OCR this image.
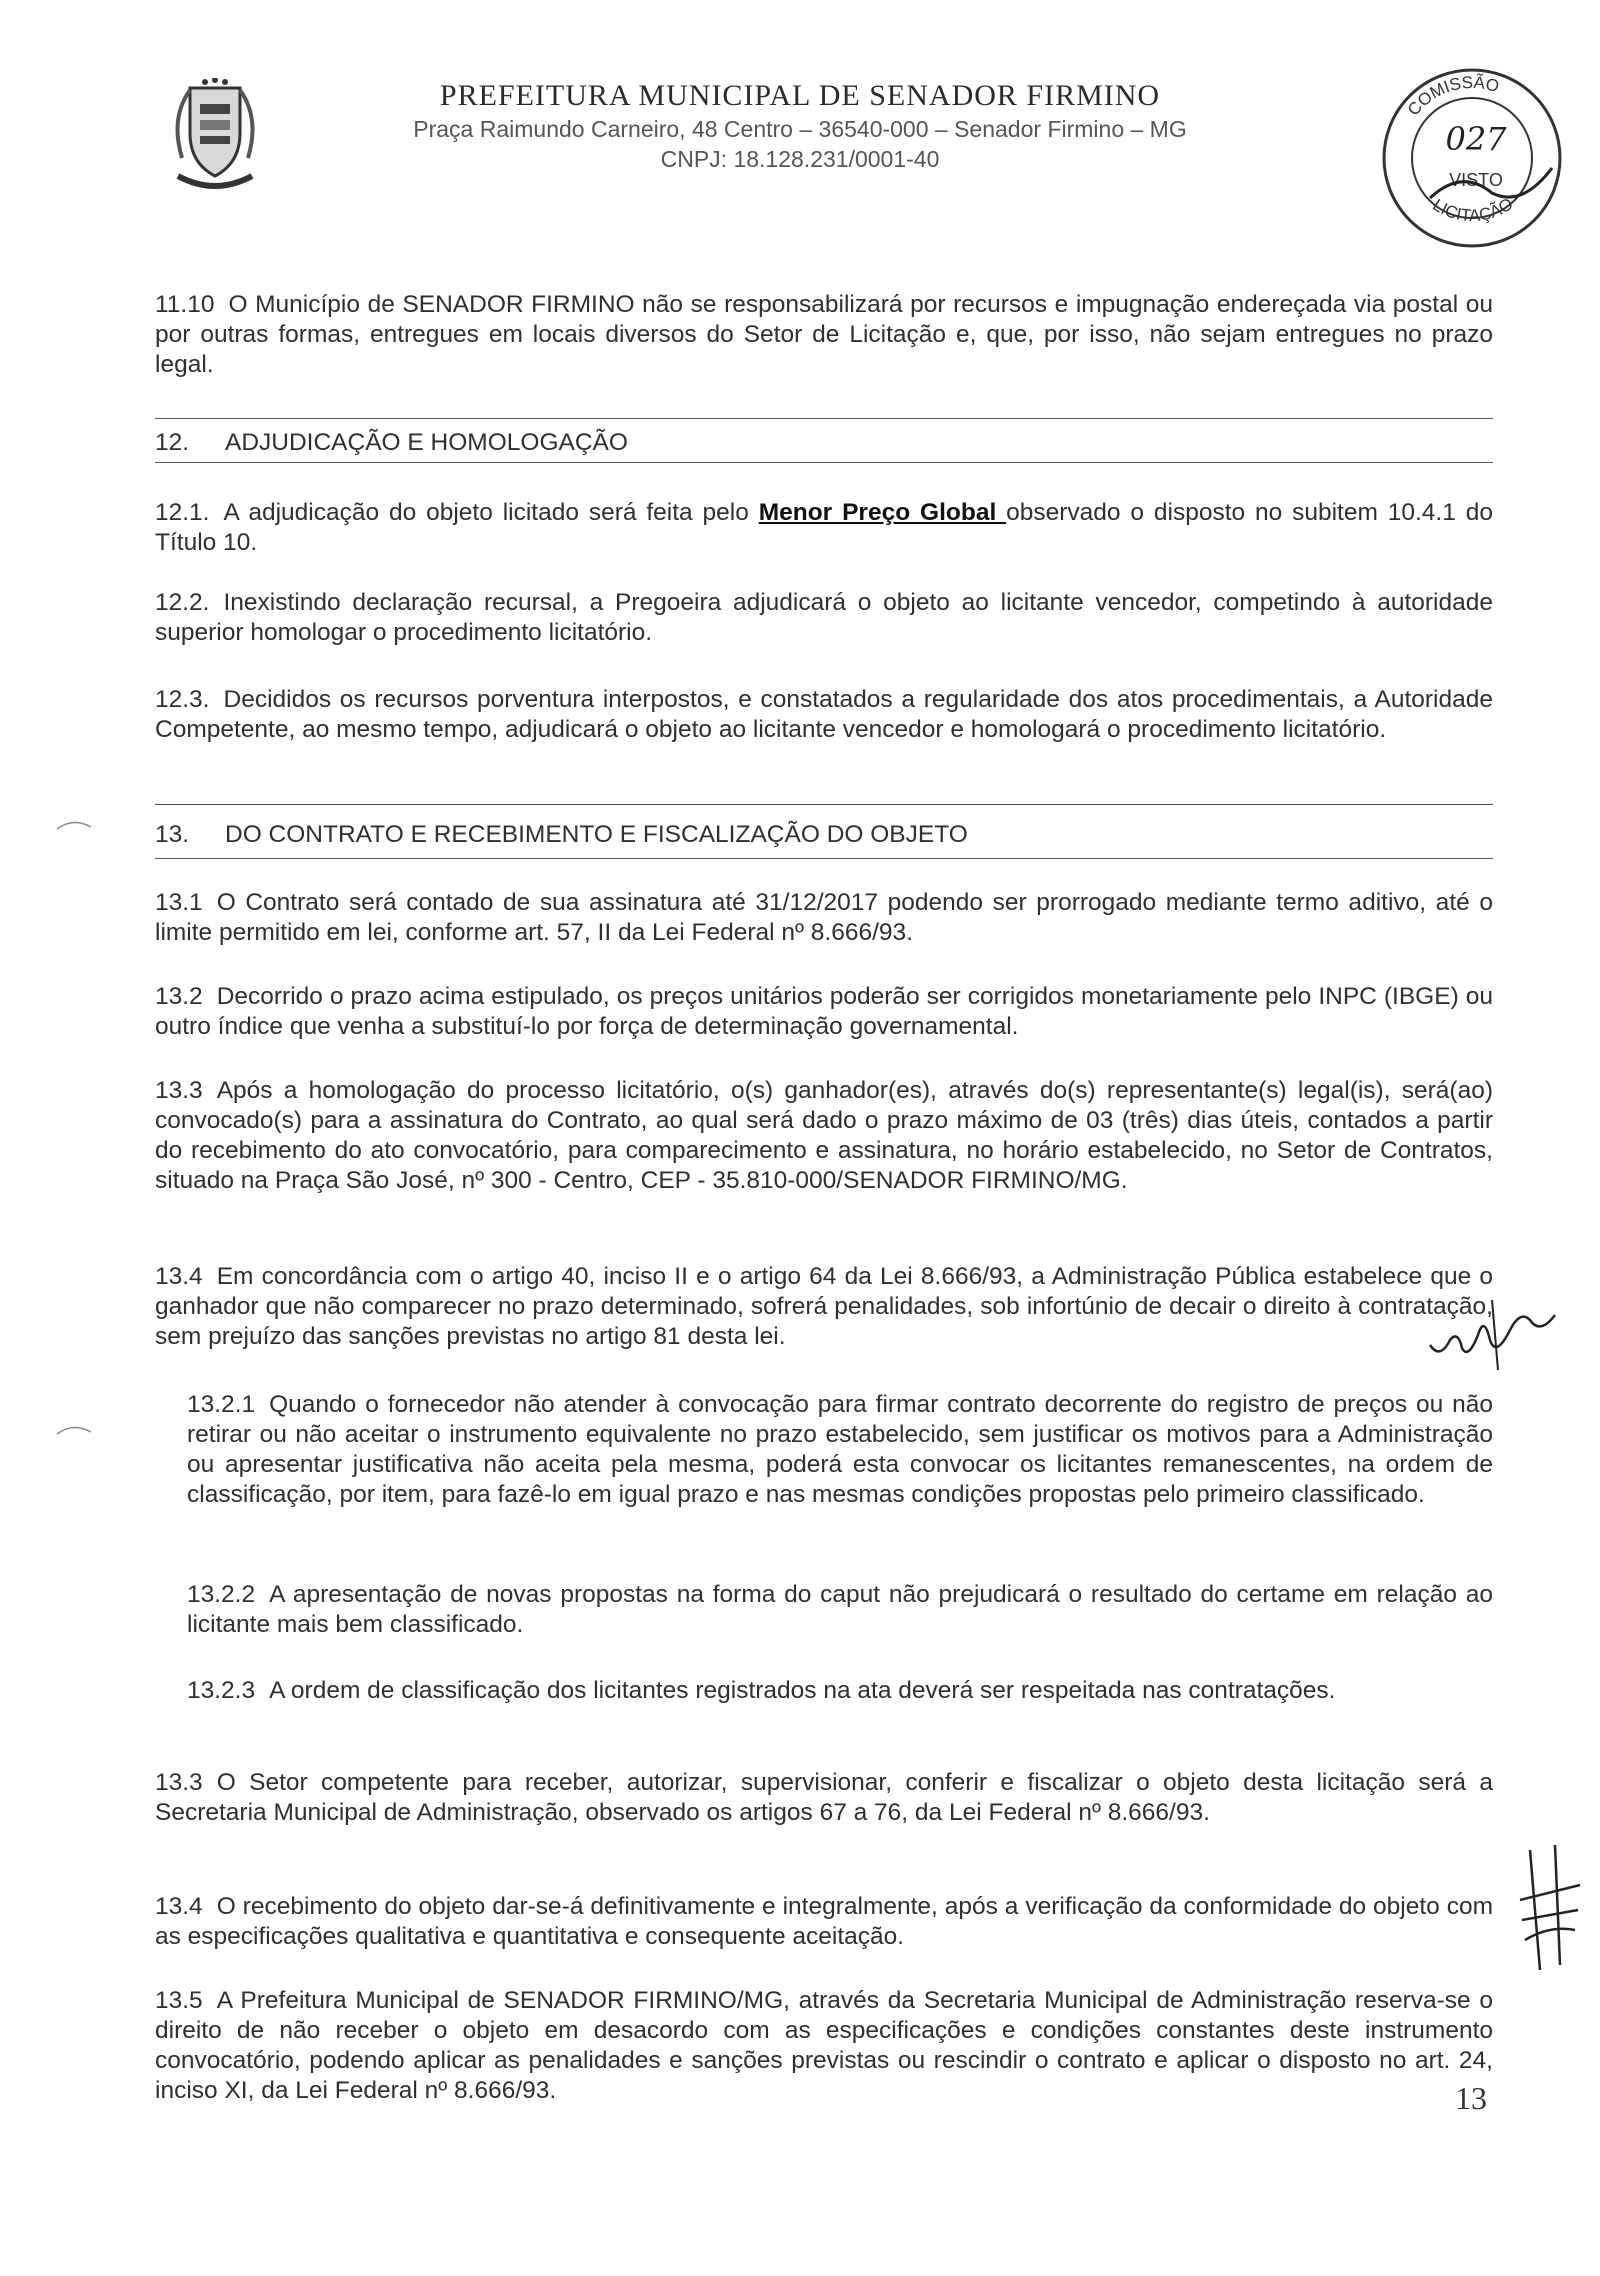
PREFEITURA MUNICIPAL DE SENADOR FIRMINO
Praça Raimundo Carneiro, 48 Centro – 36540-000 – Senador Firmino – MG
CNPJ: 18.128.231/0001-40
COMISSÃO
LICITAÇÃO
027
VISTO
11.10 O Município de SENADOR FIRMINO não se responsabilizará por recursos e impugnação endereçada via postal ou por outras formas, entregues em locais diversos do Setor de Licitação e, que, por isso, não sejam entregues no prazo legal.
12. ADJUDICAÇÃO E HOMOLOGAÇÃO
12.1. A adjudicação do objeto licitado será feita pelo Menor Preço Global observado o disposto no subitem 10.4.1 do Título 10.
12.2. Inexistindo declaração recursal, a Pregoeira adjudicará o objeto ao licitante vencedor, competindo à autoridade superior homologar o procedimento licitatório.
12.3. Decididos os recursos porventura interpostos, e constatados a regularidade dos atos procedimentais, a Autoridade Competente, ao mesmo tempo, adjudicará o objeto ao licitante vencedor e homologará o procedimento licitatório.
13. DO CONTRATO E RECEBIMENTO E FISCALIZAÇÃO DO OBJETO
13.1 O Contrato será contado de sua assinatura até 31/12/2017 podendo ser prorrogado mediante termo aditivo, até o limite permitido em lei, conforme art. 57, II da Lei Federal nº 8.666/93.
13.2 Decorrido o prazo acima estipulado, os preços unitários poderão ser corrigidos monetariamente pelo INPC (IBGE) ou outro índice que venha a substituí-lo por força de determinação governamental.
13.3 Após a homologação do processo licitatório, o(s) ganhador(es), através do(s) representante(s) legal(is), será(ao) convocado(s) para a assinatura do Contrato, ao qual será dado o prazo máximo de 03 (três) dias úteis, contados a partir do recebimento do ato convocatório, para comparecimento e assinatura, no horário estabelecido, no Setor de Contratos, situado na Praça São José, nº 300 - Centro, CEP - 35.810-000/SENADOR FIRMINO/MG.
13.4 Em concordância com o artigo 40, inciso II e o artigo 64 da Lei 8.666/93, a Administração Pública estabelece que o ganhador que não comparecer no prazo determinado, sofrerá penalidades, sob infortúnio de decair o direito à contratação, sem prejuízo das sanções previstas no artigo 81 desta lei.
13.2.1 Quando o fornecedor não atender à convocação para firmar contrato decorrente do registro de preços ou não retirar ou não aceitar o instrumento equivalente no prazo estabelecido, sem justificar os motivos para a Administração ou apresentar justificativa não aceita pela mesma, poderá esta convocar os licitantes remanescentes, na ordem de classificação, por item, para fazê-lo em igual prazo e nas mesmas condições propostas pelo primeiro classificado.
13.2.2 A apresentação de novas propostas na forma do caput não prejudicará o resultado do certame em relação ao licitante mais bem classificado.
13.2.3 A ordem de classificação dos licitantes registrados na ata deverá ser respeitada nas contratações.
13.3 O Setor competente para receber, autorizar, supervisionar, conferir e fiscalizar o objeto desta licitação será a Secretaria Municipal de Administração, observado os artigos 67 a 76, da Lei Federal nº 8.666/93.
13.4 O recebimento do objeto dar-se-á definitivamente e integralmente, após a verificação da conformidade do objeto com as especificações qualitativa e quantitativa e consequente aceitação.
13.5 A Prefeitura Municipal de SENADOR FIRMINO/MG, através da Secretaria Municipal de Administração reserva-se o direito de não receber o objeto em desacordo com as especificações e condições constantes deste instrumento convocatório, podendo aplicar as penalidades e sanções previstas ou rescindir o contrato e aplicar o disposto no art. 24, inciso XI, da Lei Federal nº 8.666/93.	13
